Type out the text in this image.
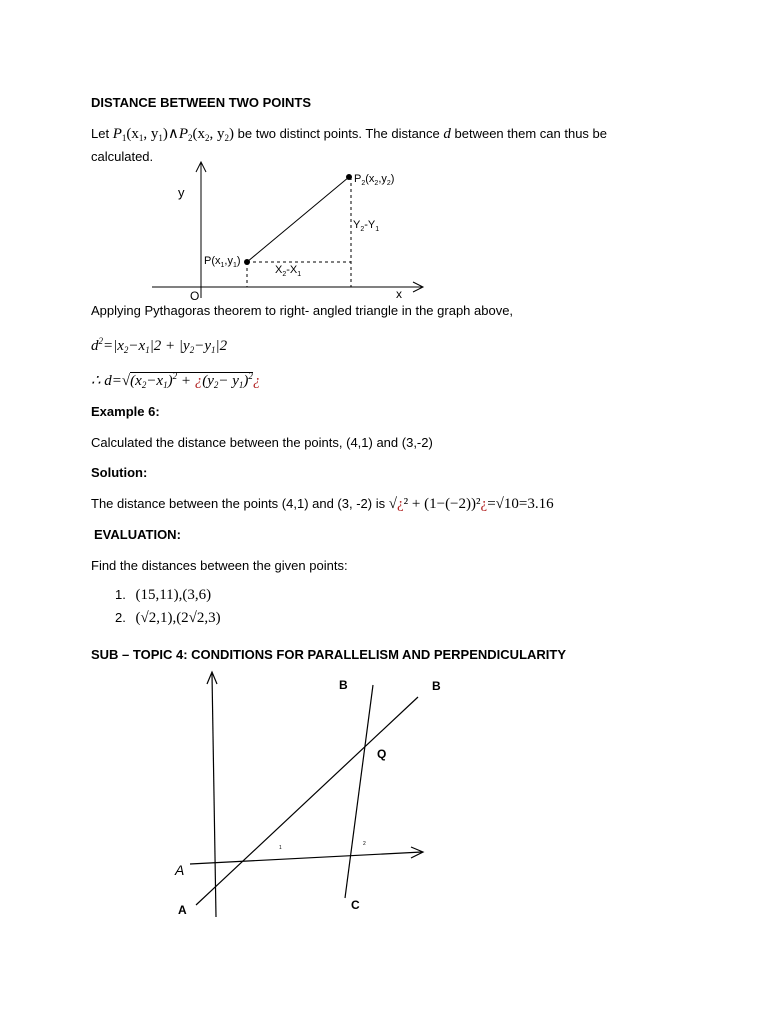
DISTANCE BETWEEN TWO POINTS
Let $P_1(x_1$, $y_1)\wedge P_2(x_2$, $y_2$) be two distinct points. The distance d between them can thus be
calculated.
y
x
O
$P(x_1,y_1)$
$P_2(x_2,y_2)$
$Y_2-Y_1$
$X_2-X_1$
Applying Pythagoras theorem to right- angled triangle in the graph above,
$d^2=|x_2-x_1|2 + |y_2-y_1|2$
∴ $d=√(x_2-x_1)^2$ + ¿($y_2-$ $y_1)^2¿$
Example 6:
Calculated the distance between the points, (4,1) and (3,-2)
Solution:
The distance between the points (4,1) and (3, -2) is √¿² + (1−(−2))²¿=√10=3.16
EVALUATION:
Find the distances between the given points:
1. (15,11),(3,6)
2. (√2,1),(2√2,3)
SUB – TOPIC 4: CONDITIONS FOR PARALLELISM AND PERPENDICULARITY
B	B
Q
A
A	C
1
2
